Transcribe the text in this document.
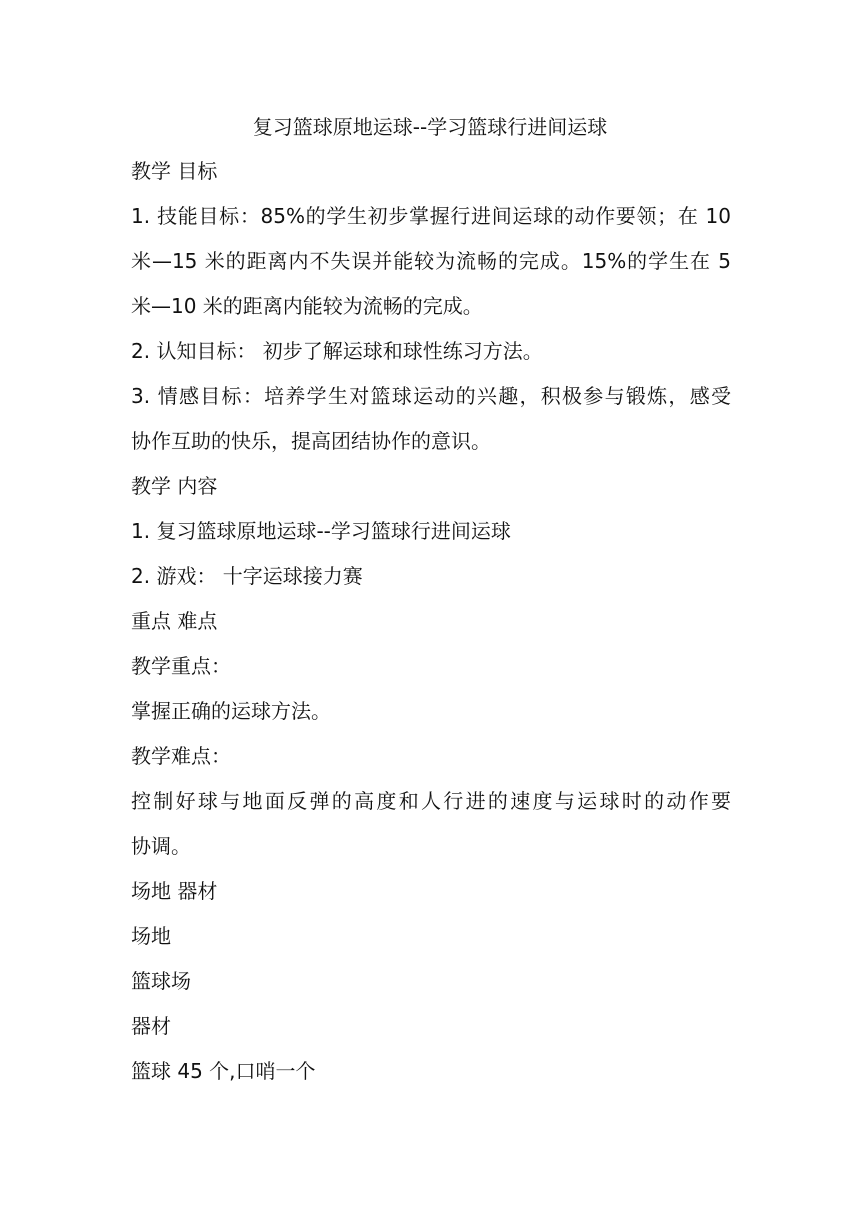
复习篮球原地运球--学习篮球行进间运球
教学 目标
1. 技能目标：85%的学生初步掌握行进间运球的动作要领；在 10
米—15 米的距离内不失误并能较为流畅的完成。15%的学生在 5
米—10 米的距离内能较为流畅的完成。
2. 认知目标： 初步了解运球和球性练习方法。
3. 情感目标：培养学生对篮球运动的兴趣，积极参与锻炼，感受
协作互助的快乐，提高团结协作的意识。
教学 内容
1. 复习篮球原地运球--学习篮球行进间运球
2. 游戏： 十字运球接力赛
重点 难点
教学重点：
掌握正确的运球方法。
教学难点：
控制好球与地面反弹的高度和人行进的速度与运球时的动作要
协调。
场地 器材
场地
篮球场
器材
篮球 45 个,口哨一个
